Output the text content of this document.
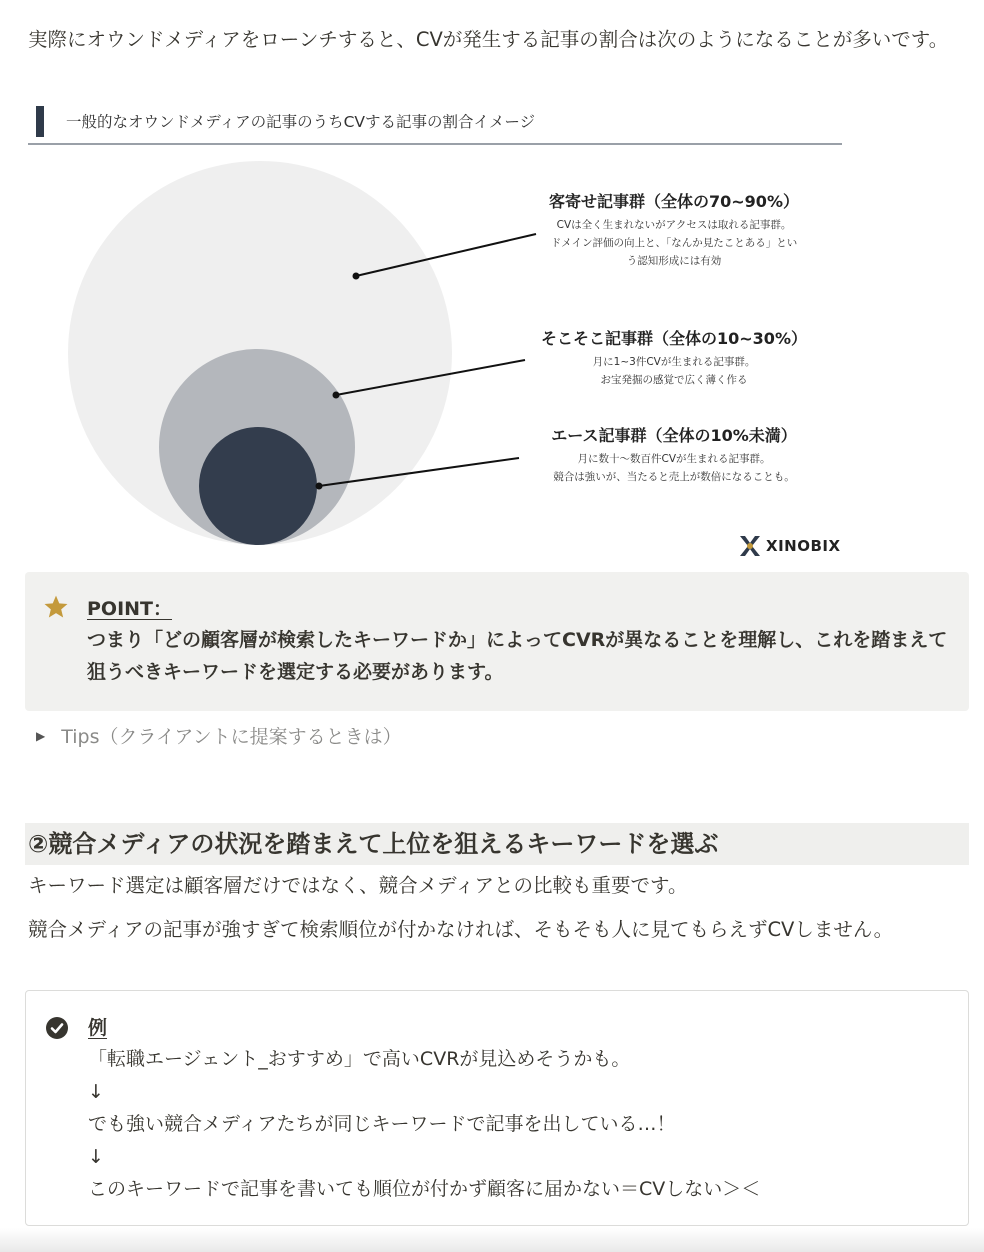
実際にオウンドメディアをローンチすると、CVが発生する記事の割合は次のようになることが多いです。

一般的なオウンドメディアの記事のうちCVする記事の割合イメージ
客寄せ記事群（全体の70~90%）
CVは全く生まれないがアクセスは取れる記事群。
ドメイン評価の向上と、「なんか見たことある」とい
う認知形成には有効
そこそこ記事群（全体の10~30%）
月に1~3件CVが生まれる記事群。
お宝発掘の感覚で広く薄く作る
エース記事群（全体の10%未満）
月に数十～数百件CVが生まれる記事群。
競合は強いが、当たると売上が数倍になることも。
XINOBIX
POINT：
つまり「どの顧客層が検索したキーワードか」によってCVRが異なることを理解し、これを踏まえて狙うべきキーワードを選定する必要があります。
▶ Tips（クライアントに提案するときは）
②競合メディアの状況を踏まえて上位を狙えるキーワードを選ぶ

キーワード選定は顧客層だけではなく、競合メディアとの比較も重要です。

競合メディアの記事が強すぎて検索順位が付かなければ、そもそも人に見てもらえずCVしません。

例
「転職エージェント_おすすめ」で高いCVRが見込めそうかも。
↓
でも強い競合メディアたちが同じキーワードで記事を出している…！
↓
このキーワードで記事を書いても順位が付かず顧客に届かない＝CVしない＞＜
